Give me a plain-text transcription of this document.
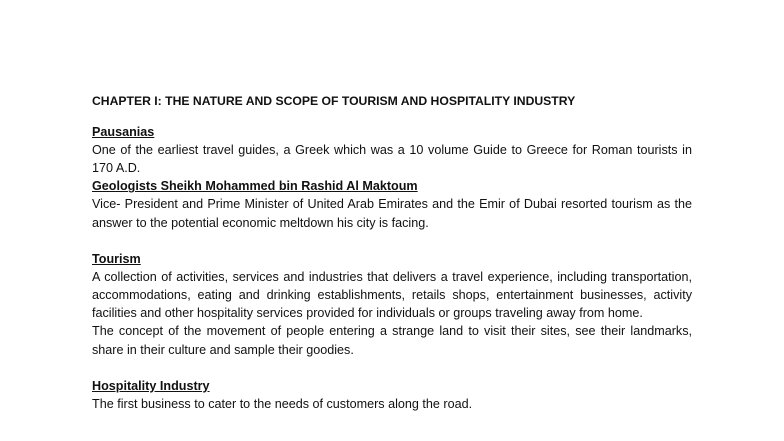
CHAPTER I: THE NATURE AND SCOPE OF TOURISM AND HOSPITALITY INDUSTRY
Pausanias

One of the earliest travel guides, a Greek which was a 10 volume Guide to Greece for Roman tourists in 170 A.D.

Geologists Sheikh Mohammed bin Rashid Al Maktoum

Vice- President and Prime Minister of United Arab Emirates and the Emir of Dubai resorted tourism as the answer to the potential economic meltdown his city is facing.

Tourism

A collection of activities, services and industries that delivers a travel experience, including transportation, accommodations, eating and drinking establishments, retails shops, entertainment businesses, activity facilities and other hospitality services provided for individuals or groups traveling away from home.

The concept of the movement of people entering a strange land to visit their sites, see their landmarks, share in their culture and sample their goodies.

Hospitality Industry

The first business to cater to the needs of customers along the road.
